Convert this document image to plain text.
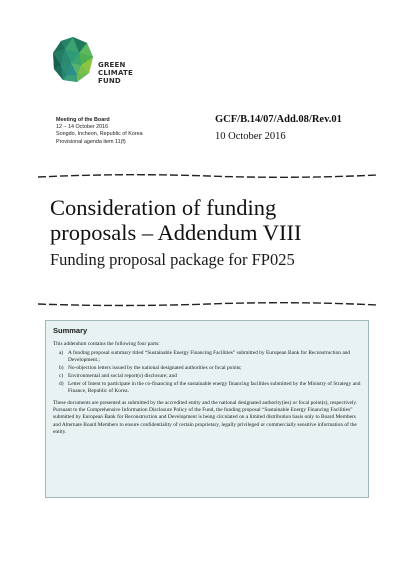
GREEN
CLIMATE
FUND
Meeting of the Board
12 – 14 October 2016
Songdo, Incheon, Republic of Korea
Provisional agenda item 11(f)
GCF/B.14/07/Add.08/Rev.01
10 October 2016
Consideration of funding
proposals – Addendum VIII
Funding proposal package for FP025
Summary

This addendum contains the following four parts:

a) A funding proposal summary titled “Sustainable Energy Financing Facilities” submitted by European Bank for Reconstruction and Development.;
b) No-objection letters issued by the national designated authorities or focal points;
c) Environmental and social report(s) disclosure; and
d) Letter of Intent to participate in the co-financing of the sustainable energy financing facilities submitted by the Ministry of Strategy and Finance, Republic of Korea.

These documents are presented as submitted by the accredited entity and the national designated authority(ies) or focal point(s), respectively. Pursuant to the Comprehensive Information Disclosure Policy of the Fund, the funding proposal “Sustainable Energy Financing Facilities” submitted by European Bank for Reconstruction and Development is being circulated on a limited distribution basis only to Board Members and Alternate Board Members to ensure confidentiality of certain proprietary, legally privileged or commercially sensitive information of the entity.
